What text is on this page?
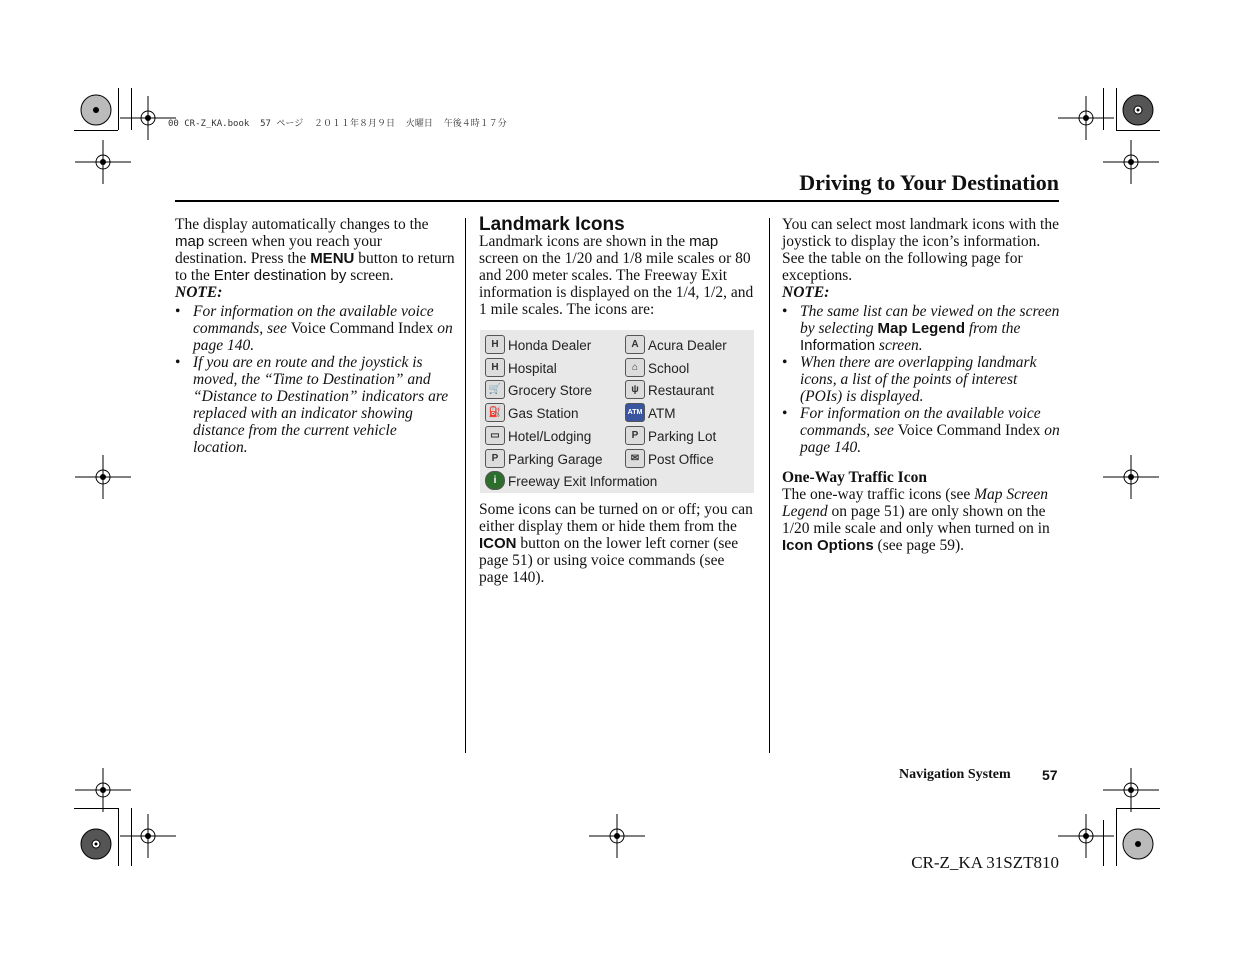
00 CR-Z_KA.book  57 ページ  ２０１１年８月９日  火曜日  午後４時１７分
Driving to Your Destination

The display automatically changes to the map screen when you reach your destination. Press the MENU button to return to the Enter destination by screen.

NOTE:

• For information on the available voice commands, see Voice Command Index on page 140.
• If you are en route and the joystick is moved, the “Time to Destination” and “Distance to Destination” indicators are replaced with an indicator showing distance from the current vehicle location.
Landmark Icons

Landmark icons are shown in the map screen on the 1/20 and 1/8 mile scales or 80 and 200 meter scales. The Freeway Exit information is displayed on the 1/4, 1/2, and 1 mile scales. The icons are:

H Honda Dealer	A Acura Dealer
H Hospital	⌂ School
🛒 Grocery Store	ψ Restaurant
⛽ Gas Station	ATM ATM
▭ Hotel/Lodging	P Parking Lot
P Parking Garage	✉ Post Office
i Freeway Exit Information

Some icons can be turned on or off; you can either display them or hide them from the ICON button on the lower left corner (see page 51) or using voice commands (see page 140).

You can select most landmark icons with the joystick to display the icon’s information. See the table on the following page for exceptions.

NOTE:

• The same list can be viewed on the screen by selecting Map Legend from the Information screen.
• When there are overlapping landmark icons, a list of the points of interest (POIs) is displayed.
• For information on the available voice commands, see Voice Command Index on page 140.

One-Way Traffic Icon

The one-way traffic icons (see Map Screen Legend on page 51) are only shown on the 1/20 mile scale and only when turned on in Icon Options (see page 59).

Navigation System 57
CR-Z_KA 31SZT810
